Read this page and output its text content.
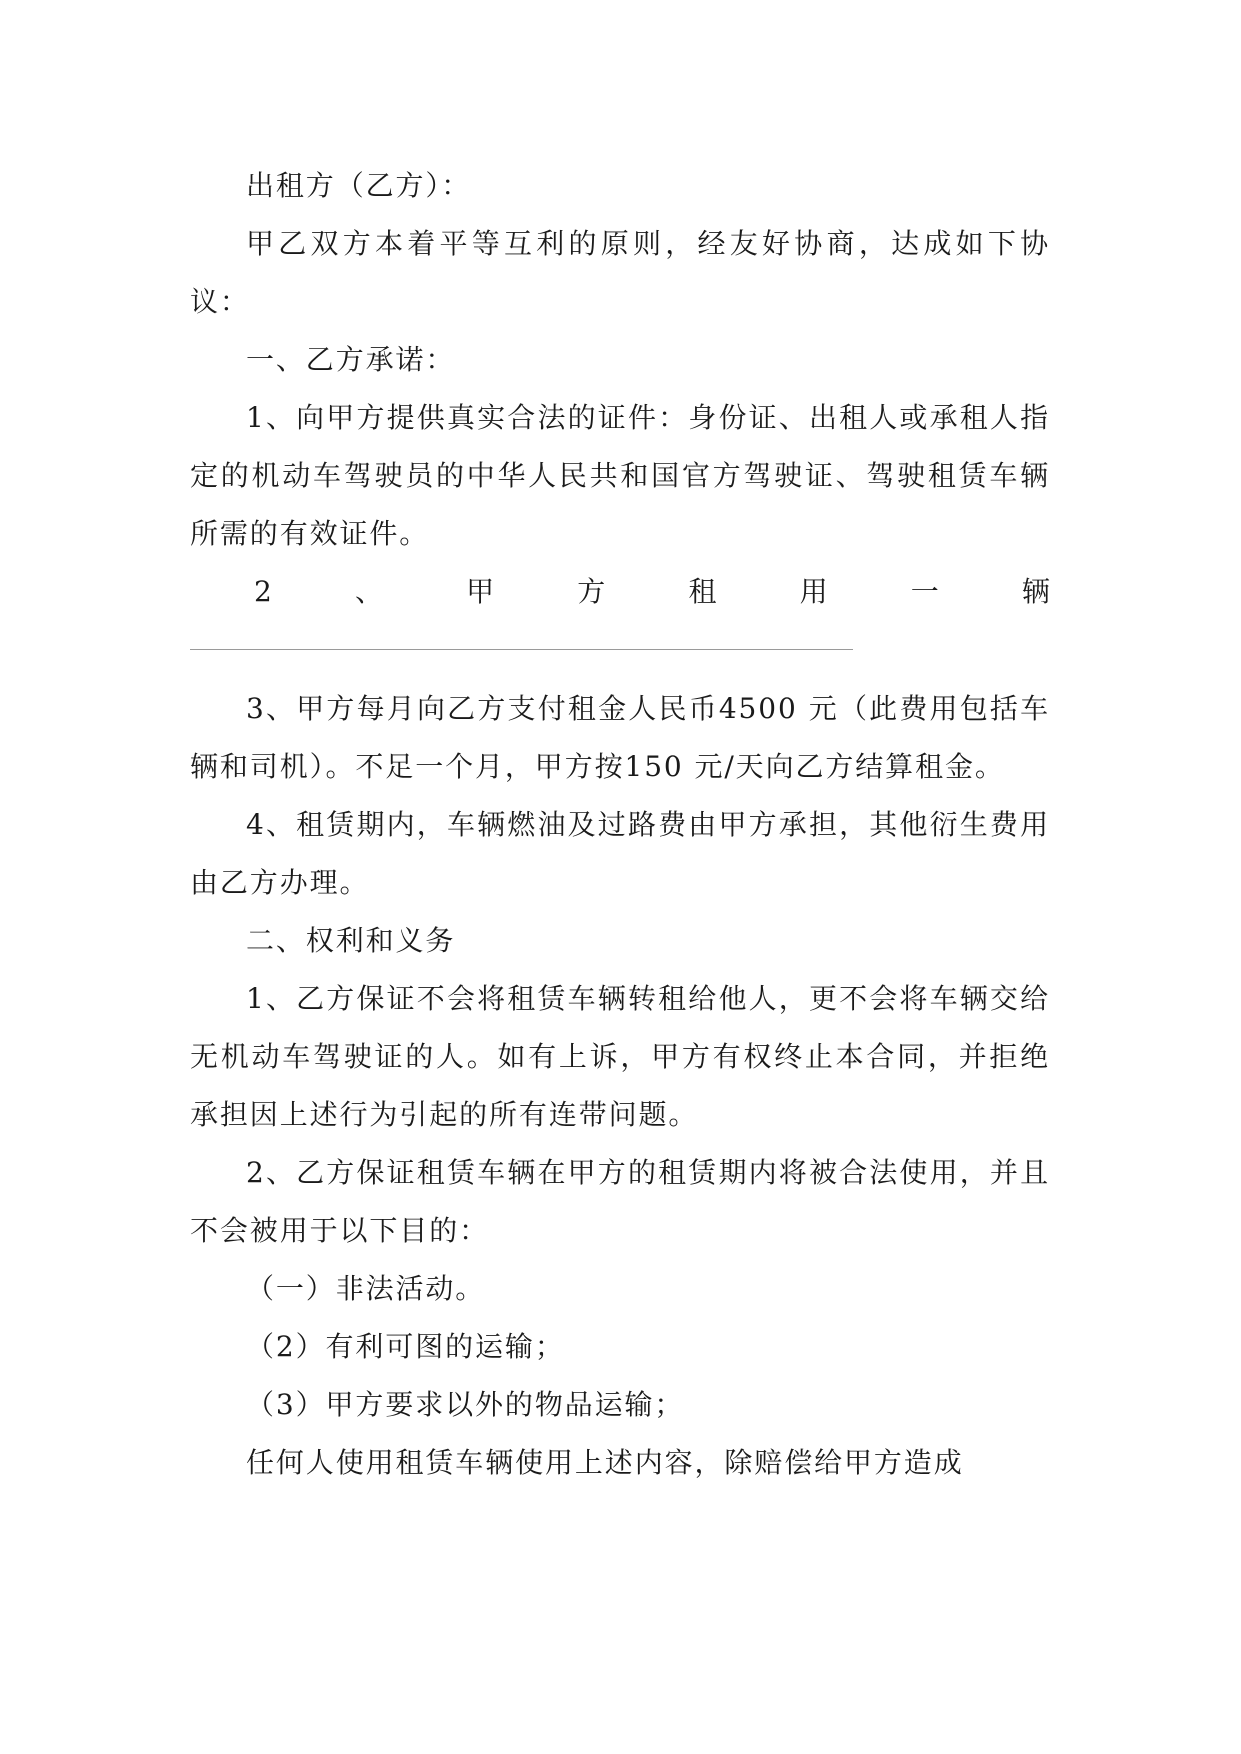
出租方（乙方）：

甲乙双方本着平等互利的原则，经友好协商，达成如下协议：

一、乙方承诺：

1、向甲方提供真实合法的证件：身份证、出租人或承租人指定的机动车驾驶员的中华人民共和国官方驾驶证、驾驶租赁车辆所需的有效证件。

2	、	甲	方	租	用	一	辆

3、甲方每月向乙方支付租金人民币4500 元（此费用包括车辆和司机）。不足一个月，甲方按150 元/天向乙方结算租金。

4、租赁期内，车辆燃油及过路费由甲方承担，其他衍生费用由乙方办理。

二、权利和义务

1、乙方保证不会将租赁车辆转租给他人，更不会将车辆交给无机动车驾驶证的人。如有上诉，甲方有权终止本合同，并拒绝承担因上述行为引起的所有连带问题。

2、乙方保证租赁车辆在甲方的租赁期内将被合法使用，并且不会被用于以下目的：

（一）非法活动。

（2）有利可图的运输；

（3）甲方要求以外的物品运输；

任何人使用租赁车辆使用上述内容，除赔偿给甲方造成
